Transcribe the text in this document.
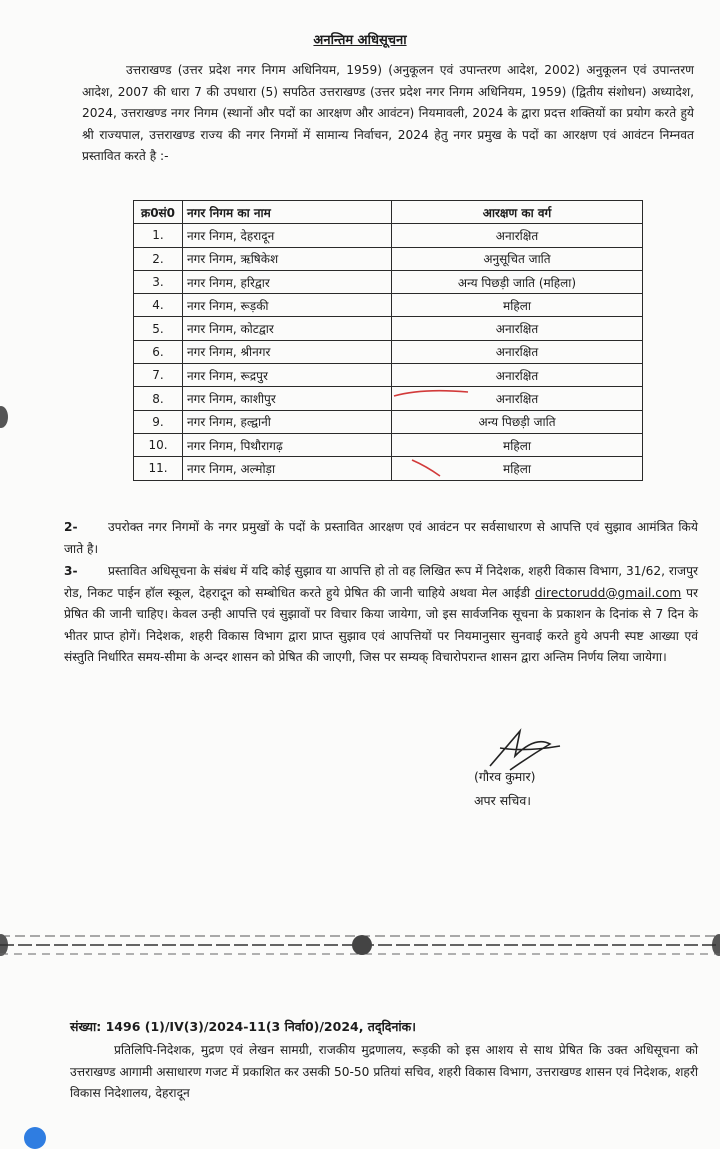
अनन्तिम अधिसूचना

उत्तराखण्ड (उत्तर प्रदेश नगर निगम अधिनियम, 1959) (अनुकूलन एवं उपान्तरण आदेश, 2002) अनुकूलन एवं उपान्तरण आदेश, 2007 की धारा 7 की उपधारा (5) सपठित उत्तराखण्ड (उत्तर प्रदेश नगर निगम अधिनियम, 1959) (द्वितीय संशोधन) अध्यादेश, 2024, उत्तराखण्ड नगर निगम (स्थानों और पदों का आरक्षण और आवंटन) नियमावली, 2024 के द्वारा प्रदत्त शक्तियों का प्रयोग करते हुये श्री राज्यपाल, उत्तराखण्ड राज्य की नगर निगमों में सामान्य निर्वाचन, 2024 हेतु नगर प्रमुख के पदों का आरक्षण एवं आवंटन निम्नवत प्रस्तावित करते है :-

क्र0सं0	नगर निगम का नाम	आरक्षण का वर्ग
1.	नगर निगम, देहरादून	अनारक्षित
2.	नगर निगम, ऋषिकेश	अनुसूचित जाति
3.	नगर निगम, हरिद्वार	अन्य पिछड़ी जाति (महिला)
4.	नगर निगम, रूड़की	महिला
5.	नगर निगम, कोटद्वार	अनारक्षित
6.	नगर निगम, श्रीनगर	अनारक्षित
7.	नगर निगम, रूद्रपुर	अनारक्षित
8.	नगर निगम, काशीपुर	अनारक्षित
9.	नगर निगम, हल्द्वानी	अन्य पिछड़ी जाति
10.	नगर निगम, पिथौरागढ़	महिला
11.	नगर निगम, अल्मोड़ा	महिला

2- उपरोक्त नगर निगमों के नगर प्रमुखों के पदों के प्रस्तावित आरक्षण एवं आवंटन पर सर्वसाधारण से आपत्ति एवं सुझाव आमंत्रित किये जाते है।

3- प्रस्तावित अधिसूचना के संबंध में यदि कोई सुझाव या आपत्ति हो तो वह लिखित रूप में निदेशक, शहरी विकास विभाग, 31/62, राजपुर रोड, निकट पाईन हॉल स्कूल, देहरादून को सम्बोधित करते हुये प्रेषित की जानी चाहिये अथवा मेल आईडी directorudd@gmail.com पर प्रेषित की जानी चाहिए। केवल उन्ही आपत्ति एवं सुझावों पर विचार किया जायेगा, जो इस सार्वजनिक सूचना के प्रकाशन के दिनांक से 7 दिन के भीतर प्राप्त होगें। निदेशक, शहरी विकास विभाग द्वारा प्राप्त सुझाव एवं आपत्तियों पर नियमानुसार सुनवाई करते हुये अपनी स्पष्ट आख्या एवं संस्तुति निर्धारित समय-सीमा के अन्दर शासन को प्रेषित की जाएगी, जिस पर सम्यक् विचारोपरान्त शासन द्वारा अन्तिम निर्णय लिया जायेगा।

(गौरव कुमार)
अपर सचिव।
संख्या: 1496 (1)/IV(3)/2024-11(3 निर्वा0)/2024, तद्‌दिनांक।

प्रतिलिपि-निदेशक, मुद्रण एवं लेखन सामग्री, राजकीय मुद्रणालय, रूड़की को इस आशय से साथ प्रेषित कि उक्त अधिसूचना को उत्तराखण्ड आगामी असाधारण गजट में प्रकाशित कर उसकी 50-50 प्रतियां सचिव, शहरी विकास विभाग, उत्तराखण्ड शासन एवं निदेशक, शहरी विकास निदेशालय, देहरादून
